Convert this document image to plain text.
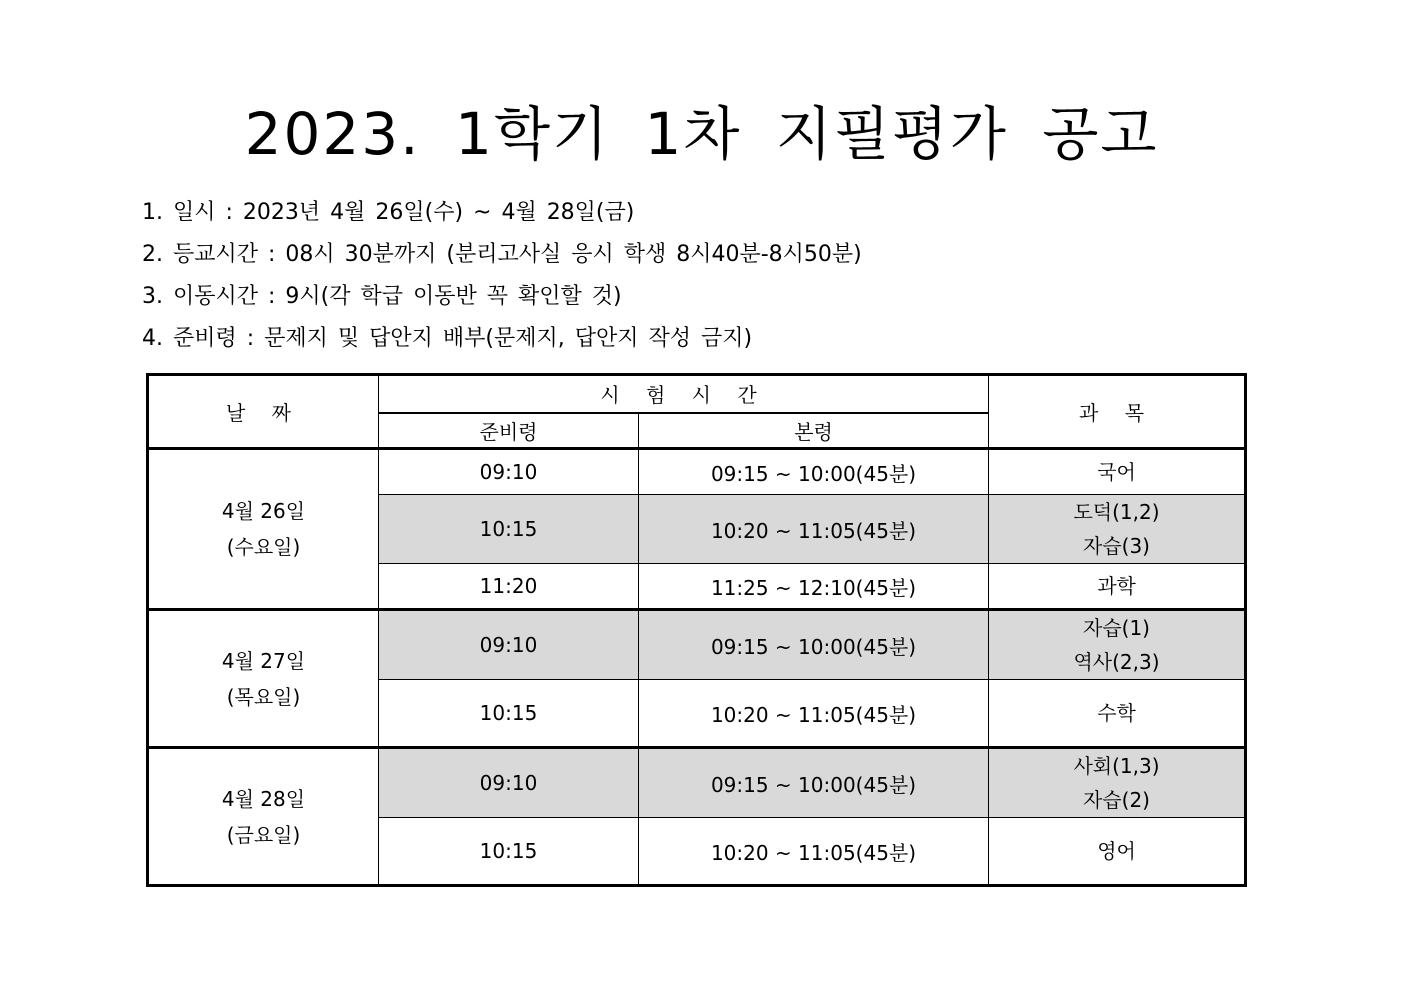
2023. 1학기 1차 지필평가 공고
1. 일시 : 2023년 4월 26일(수) ~ 4월 28일(금)
2. 등교시간 : 08시 30분까지 (분리고사실 응시 학생 8시40분-8시50분)
3. 이동시간 : 9시(각 학급 이동반 꼭 확인할 것)
4. 준비령 : 문제지 및 답안지 배부(문제지, 답안지 작성 금지)
날 짜	시 험 시 간		과 목
	준비령	본령	

4월 26일
(수요일)	09:10	09:15 ~ 10:00(45분)	국어

	10:15	10:20 ~ 11:05(45분)	도덕(1,2)
자습(3)

	11:20	11:25 ~ 12:10(45분)	과학

4월 27일
(목요일)	09:10	09:15 ~ 10:00(45분)	자습(1)
역사(2,3)

	10:15	10:20 ~ 11:05(45분)	수학

4월 28일
(금요일)	09:10	09:15 ~ 10:00(45분)	사회(1,3)
자습(2)

	10:15	10:20 ~ 11:05(45분)	영어
